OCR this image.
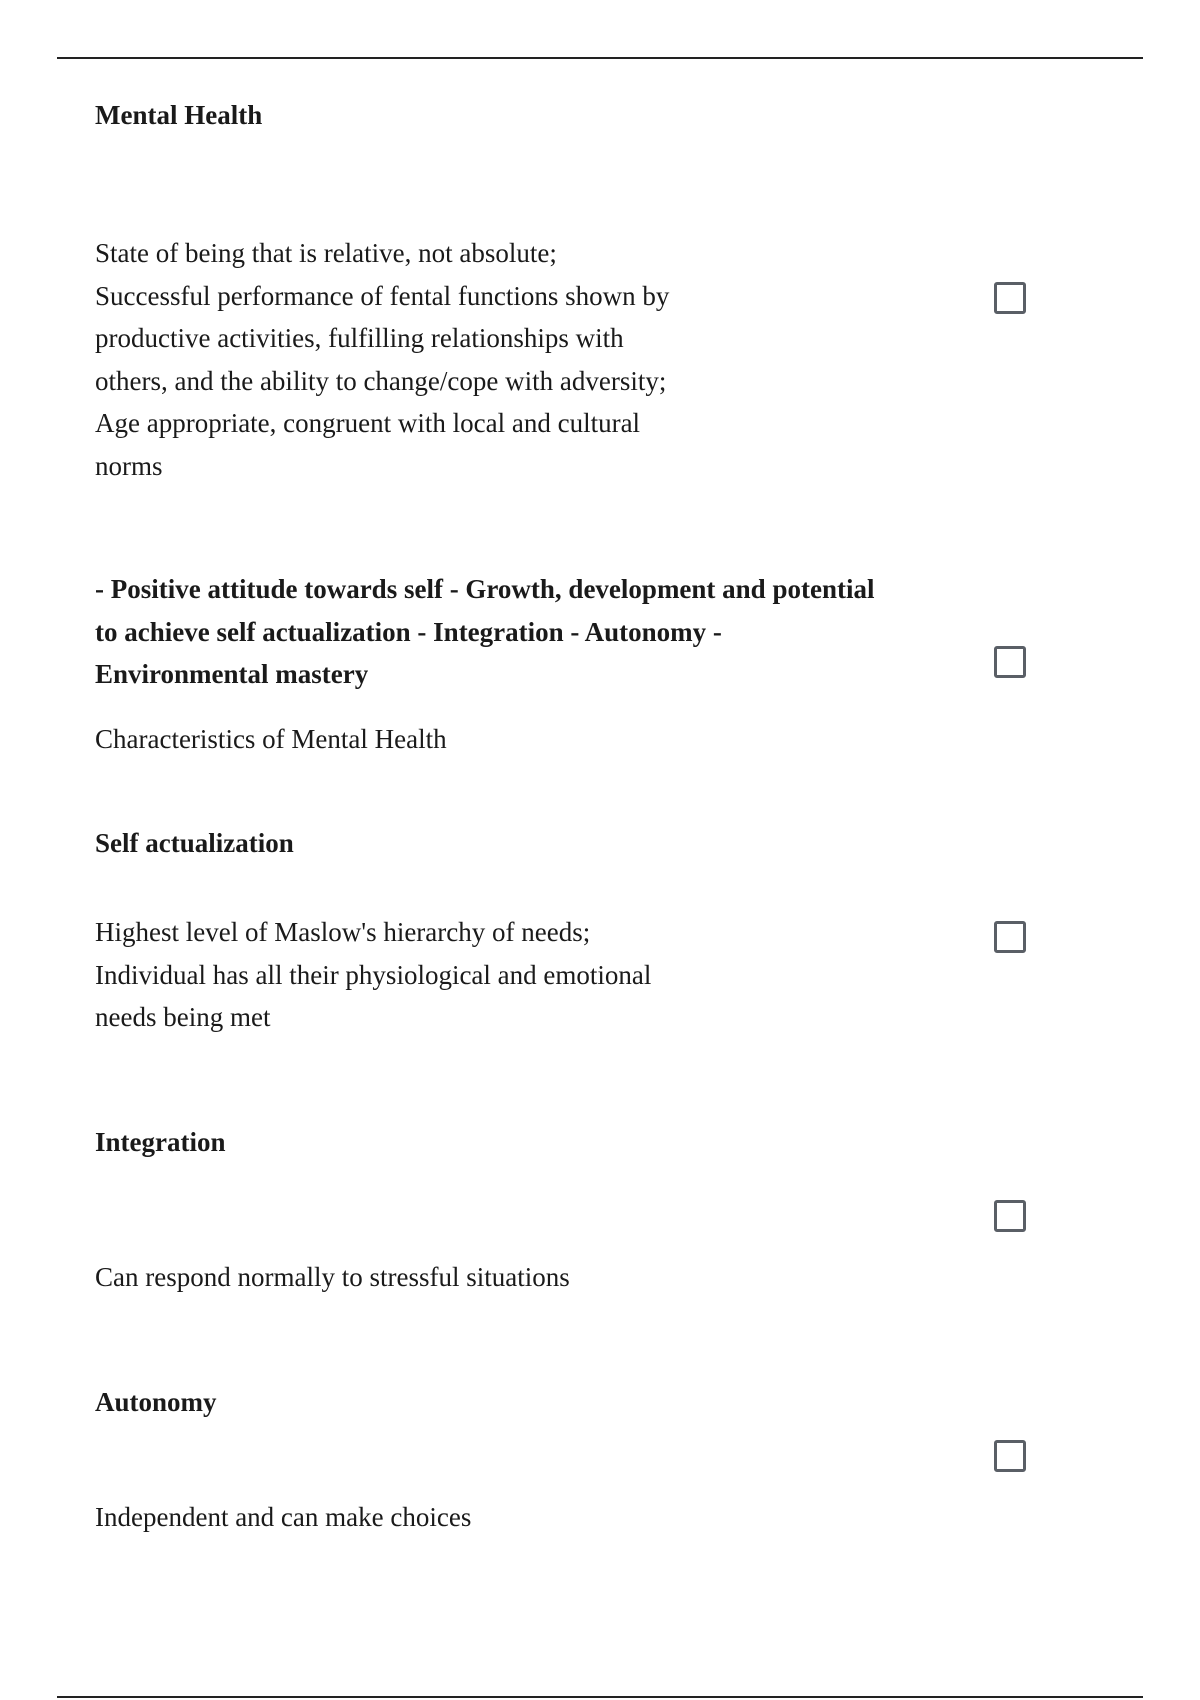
Mental Health

State of being that is relative, not absolute; Successful performance of fental functions shown by productive activities, fulfilling relationships with others, and the ability to change/cope with adversity; Age appropriate, congruent with local and cultural norms

- Positive attitude towards self - Growth, development and potential to achieve self actualization - Integration - Autonomy - Environmental mastery

Characteristics of Mental Health

Self actualization

Highest level of Maslow's hierarchy of needs; Individual has all their physiological and emotional needs being met

Integration

Can respond normally to stressful situations

Autonomy

Independent and can make choices
